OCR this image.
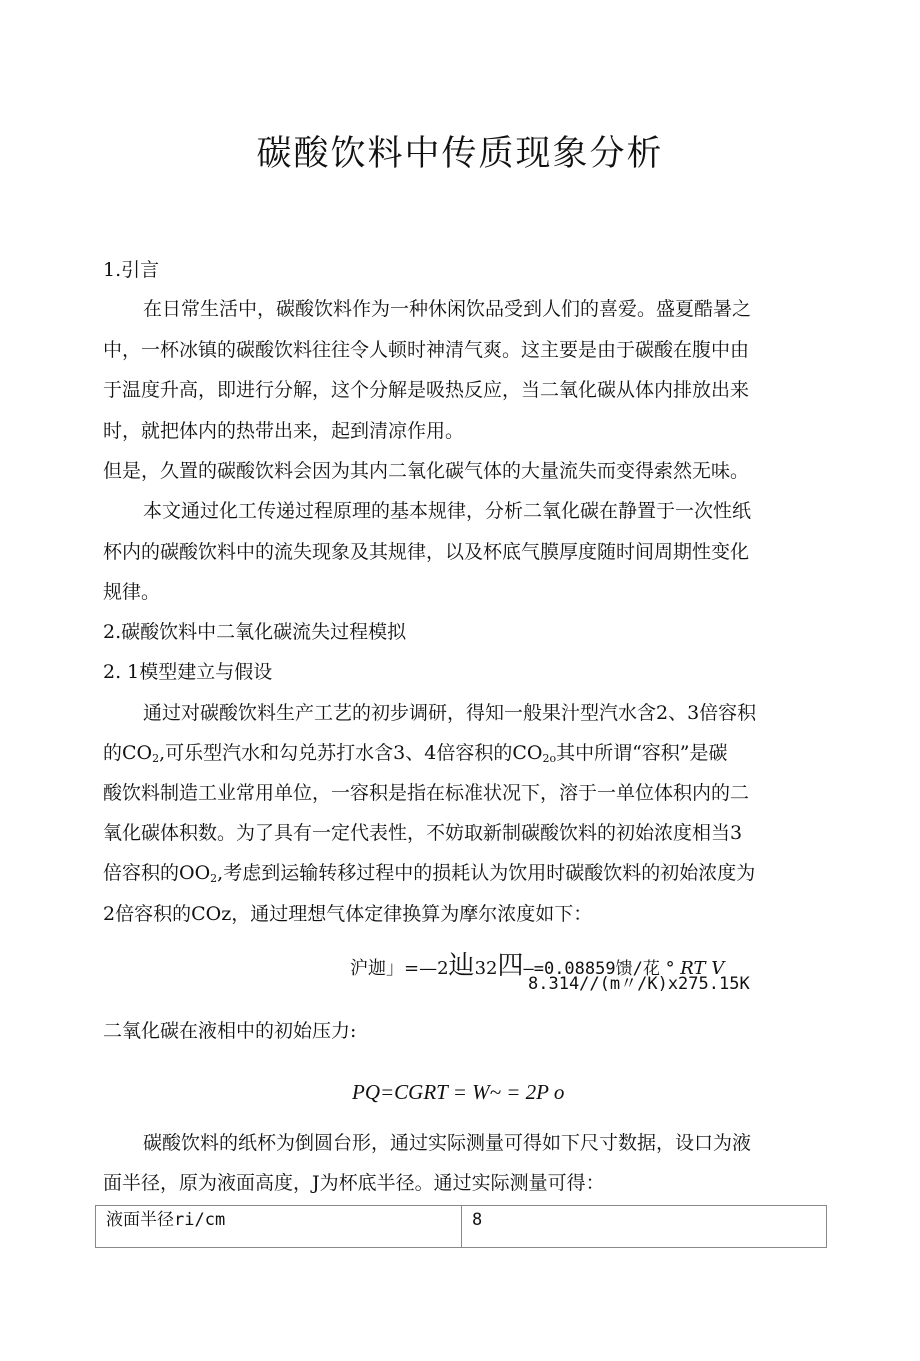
碳酸饮料中传质现象分析

1.引言

在日常生活中，碳酸饮料作为一种休闲饮品受到人们的喜爱。盛夏酷暑之

中，一杯冰镇的碳酸饮料往往令人顿时神清气爽。这主要是由于碳酸在腹中由

于温度升高，即进行分解，这个分解是吸热反应，当二氧化碳从体内排放出来

时，就把体内的热带出来，起到清凉作用。

但是，久置的碳酸饮料会因为其内二氧化碳气体的大量流失而变得索然无味。

本文通过化工传递过程原理的基本规律，分析二氧化碳在静置于一次性纸

杯内的碳酸饮料中的流失现象及其规律，以及杯底气膜厚度随时间周期性变化

规律。

2.碳酸饮料中二氧化碳流失过程模拟

2. 1模型建立与假设

通过对碳酸饮料生产工艺的初步调研，得知一般果汁型汽水含2、3倍容积

的$CO_2$,可乐型汽水和勾兑苏打水含3、4倍容积的$CO_{2o}$其中所谓“容积”是碳

酸饮料制造工业常用单位，一容积是指在标准状况下，溶于一单位体积内的二

氧化碳体积数。为了具有一定代表性，不妨取新制碳酸饮料的初始浓度相当3

倍容积的$OO_2$,考虑到运输转移过程中的损耗认为饮用时碳酸饮料的初始浓度为

2倍容积的COz，通过理想气体定律换算为摩尔浓度如下：

沪迦」=—2辿32四—=0.08859馈/花 ° RT V
8.314//(m〃/K)x275.15K

二氧化碳在液相中的初始压力:

PQ=CGRT = W~ = 2P o

碳酸饮料的纸杯为倒圆台形，通过实际测量可得如下尺寸数据，设口为液

面半径，原为液面高度，J为杯底半径。通过实际测量可得：

液面半径ri/cm	8
